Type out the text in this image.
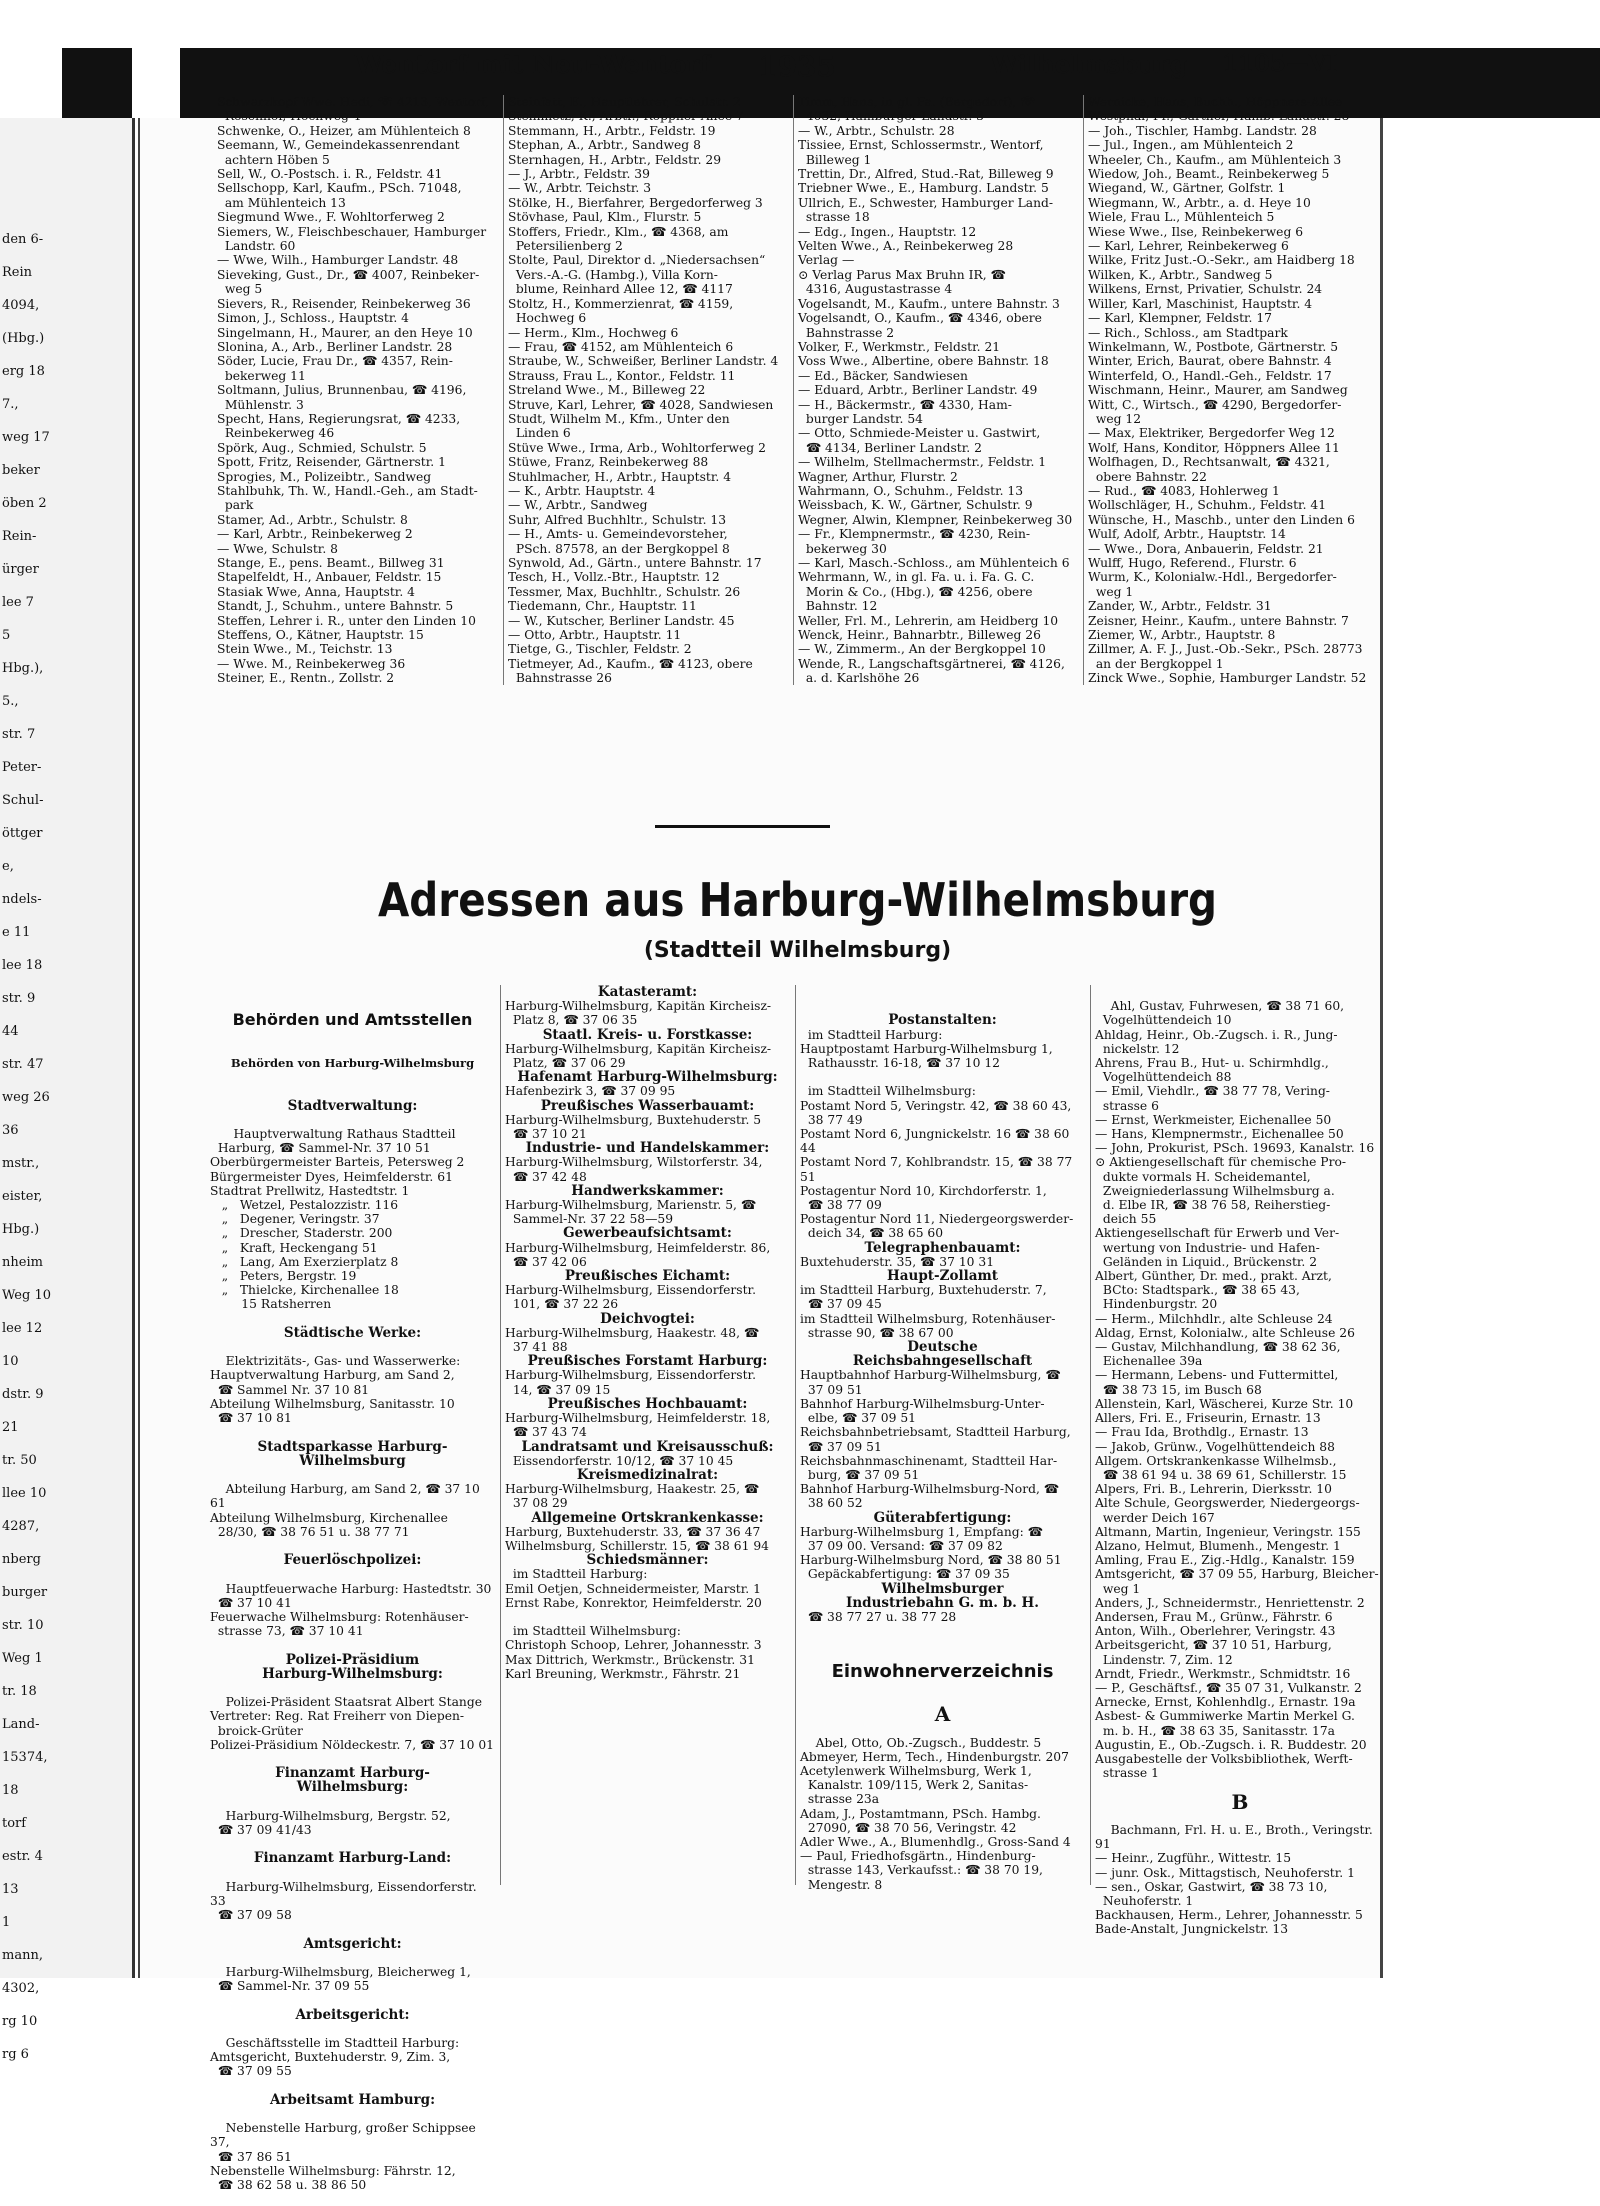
den 6-
Rein
4094,
(Hbg.)
erg 18
7.,
weg 17
beker
öben 2
Rein-
ürger
lee 7
5
Hbg.),
5.,
str. 7
Peter-
Schul-
öttger
e,
ndels-
e 11
lee 18
str. 9
44
str. 47
weg 26
36
mstr.,
eister,
Hbg.)
nheim
Weg 10
lee 12
10
dstr. 9
21
tr. 50
llee 10
4287,
nberg
burger
str. 10
Weg 1
tr. 18
Land-
15374,
18
torf
estr. 4
13
1
mann,
4302,
rg 10
rg 6
Wentorf mit Neu-Wentorf 1935	Wilhelmsburg 1105—VI
Schwarzkopf Wwe. Hedi, ☎ 4213, Wentorf,
Rosenhof, Hochweg 4
Schwenke, O., Heizer, am Mühlenteich 8
Seemann, W., Gemeindekassenrendant
achtern Höben 5
Sell, W., O.-Postsch. i. R., Feldstr. 41
Sellschopp, Karl, Kaufm., PSch. 71048,
am Mühlenteich 13
Siegmund Wwe., F. Wohltorferweg 2
Siemers, W., Fleischbeschauer, Hamburger
Landstr. 60
— Wwe, Wilh., Hamburger Landstr. 48
Sieveking, Gust., Dr., ☎ 4007, Reinbeker-
weg 5
Sievers, R., Reisender, Reinbekerweg 36
Simon, J., Schloss., Hauptstr. 4
Singelmann, H., Maurer, an den Heye 10
Slonina, A., Arb., Berliner Landstr. 28
Söder, Lucie, Frau Dr., ☎ 4357, Rein-
bekerweg 11
Soltmann, Julius, Brunnenbau, ☎ 4196,
Mühlenstr. 3
Specht, Hans, Regierungsrat, ☎ 4233,
Reinbekerweg 46
Spörk, Aug., Schmied, Schulstr. 5
Spott, Fritz, Reisender, Gärtnerstr. 1
Sprogies, M., Polizeibtr., Sandweg
Stahlbuhk, Th. W., Handl.-Geh., am Stadt-
park
Stamer, Ad., Arbtr., Schulstr. 8
— Karl, Arbtr., Reinbekerweg 2
— Wwe, Schulstr. 8
Stange, E., pens. Beamt., Billweg 31
Stapelfeldt, H., Anbauer, Feldstr. 15
Stasiak Wwe, Anna, Hauptstr. 4
Standt, J., Schuhm., untere Bahnstr. 5
Steffen, Lehrer i. R., unter den Linden 10
Steffens, O., Kätner, Hauptstr. 15
Stein Wwe., M., Teichstr. 13
— Wwe. M., Reinbekerweg 36
Steiner, E., Rentn., Zollstr. 2
Steinfatt, E., Hauptlehrer, Schulstr. 2
Steinmetz, K., Arbtr., Roppner Allee 7
Stemmann, H., Arbtr., Feldstr. 19
Stephan, A., Arbtr., Sandweg 8
Sternhagen, H., Arbtr., Feldstr. 29
— J., Arbtr., Feldstr. 39
— W., Arbtr. Teichstr. 3
Stölke, H., Bierfahrer, Bergedorferweg 3
Stövhase, Paul, Klm., Flurstr. 5
Stoffers, Friedr., Klm., ☎ 4368, am
Petersilienberg 2
Stolte, Paul, Direktor d. „Niedersachsen“
Vers.-A.-G. (Hambg.), Villa Korn-
blume, Reinhard Allee 12, ☎ 4117
Stoltz, H., Kommerzienrat, ☎ 4159,
Hochweg 6
— Herm., Klm., Hochweg 6
— Frau, ☎ 4152, am Mühlenteich 6
Straube, W., Schweißer, Berliner Landstr. 4
Strauss, Frau L., Kontor., Feldstr. 11
Streland Wwe., M., Billeweg 22
Struve, Karl, Lehrer, ☎ 4028, Sandwiesen
Studt, Wilhelm M., Kfm., Unter den
Linden 6
Stüve Wwe., Irma, Arb., Wohltorferweg 2
Stüwe, Franz, Reinbekerweg 88
Stuhlmacher, H., Arbtr., Hauptstr. 4
— K., Arbtr. Hauptstr. 4
— W., Arbtr., Sandweg
Suhr, Alfred Buchhltr., Schulstr. 13
— H., Amts- u. Gemeindevorsteher,
PSch. 87578, an der Bergkoppel 8
Synwold, Ad., Gärtn., untere Bahnstr. 17
Tesch, H., Vollz.-Btr., Hauptstr. 12
Tessmer, Max, Buchhltr., Schulstr. 26
Tiedemann, Chr., Hauptstr. 11
— W., Kutscher, Berliner Landstr. 45
— Otto, Arbtr., Hauptstr. 11
Tietge, G., Tischler, Feldstr. 2
Tietmeyer, Ad., Kaufm., ☎ 4123, obere
Bahnstrasse 26
Timm, Hans, in gl. Fa. (Bergedorf), ☎
4032, Hamburger Landstr. 3
— W., Arbtr., Schulstr. 28
Tissiee, Ernst, Schlossermstr., Wentorf,
Billeweg 1
Trettin, Dr., Alfred, Stud.-Rat, Billeweg 9
Triebner Wwe., E., Hamburg. Landstr. 5
Ullrich, E., Schwester, Hamburger Land-
strasse 18
— Edg., Ingen., Hauptstr. 12
Velten Wwe., A., Reinbekerweg 28
Verlag —
⊙ Verlag Parus Max Bruhn IR, ☎
4316, Augustastrasse 4
Vogelsandt, M., Kaufm., untere Bahnstr. 3
Vogelsandt, O., Kaufm., ☎ 4346, obere
Bahnstrasse 2
Volker, F., Werkmstr., Feldstr. 21
Voss Wwe., Albertine, obere Bahnstr. 18
— Ed., Bäcker, Sandwiesen
— Eduard, Arbtr., Berliner Landstr. 49
— H., Bäckermstr., ☎ 4330, Ham-
burger Landstr. 54
— Otto, Schmiede-Meister u. Gastwirt,
☎ 4134, Berliner Landstr. 2
— Wilhelm, Stellmachermstr., Feldstr. 1
Wagner, Arthur, Flurstr. 2
Wahrmann, O., Schuhm., Feldstr. 13
Weissbach, K. W., Gärtner, Schulstr. 9
Wegner, Alwin, Klempner, Reinbekerweg 30
— Fr., Klempnermstr., ☎ 4230, Rein-
bekerweg 30
— Karl, Masch.-Schloss., am Mühlenteich 6
Wehrmann, W., in gl. Fa. u. i. Fa. G. C.
Morin & Co., (Hbg.), ☎ 4256, obere
Bahnstr. 12
Weller, Frl. M., Lehrerin, am Heidberg 10
Wenck, Heinr., Bahnarbtr., Billeweg 26
— W., Zimmerm., An der Bergkoppel 10
Wende, R., Langschaftsgärtnerei, ☎ 4126,
a. d. Karlshöhe 26
Wernicke, Hans, Buchh., Höppners-Allee
Westphal, Fr., Gärtner, Hamb. Landstr. 28
— Joh., Tischler, Hambg. Landstr. 28
— Jul., Ingen., am Mühlenteich 2
Wheeler, Ch., Kaufm., am Mühlenteich 3
Wiedow, Joh., Beamt., Reinbekerweg 5
Wiegand, W., Gärtner, Golfstr. 1
Wiegmann, W., Arbtr., a. d. Heye 10
Wiele, Frau L., Mühlenteich 5
Wiese Wwe., Ilse, Reinbekerweg 6
— Karl, Lehrer, Reinbekerweg 6
Wilke, Fritz Just.-O.-Sekr., am Haidberg 18
Wilken, K., Arbtr., Sandweg 5
Wilkens, Ernst, Privatier, Schulstr. 24
Willer, Karl, Maschinist, Hauptstr. 4
— Karl, Klempner, Feldstr. 17
— Rich., Schloss., am Stadtpark
Winkelmann, W., Postbote, Gärtnerstr. 5
Winter, Erich, Baurat, obere Bahnstr. 4
Winterfeld, O., Handl.-Geh., Feldstr. 17
Wischmann, Heinr., Maurer, am Sandweg
Witt, C., Wirtsch., ☎ 4290, Bergedorfer-
weg 12
— Max, Elektriker, Bergedorfer Weg 12
Wolf, Hans, Konditor, Höppners Allee 11
Wolfhagen, D., Rechtsanwalt, ☎ 4321,
obere Bahnstr. 22
— Rud., ☎ 4083, Hohlerweg 1
Wollschläger, H., Schuhm., Feldstr. 41
Wünsche, H., Maschb., unter den Linden 6
Wulf, Adolf, Arbtr., Hauptstr. 14
— Wwe., Dora, Anbauerin, Feldstr. 21
Wulff, Hugo, Referend., Flurstr. 6
Wurm, K., Kolonialw.-Hdl., Bergedorfer-
weg 1
Zander, W., Arbtr., Feldstr. 31
Zeisner, Heinr., Kaufm., untere Bahnstr. 7
Ziemer, W., Arbtr., Hauptstr. 8
Zillmer, A. F. J., Just.-Ob.-Sekr., PSch. 28773
an der Bergkoppel 1
Zinck Wwe., Sophie, Hamburger Landstr. 52
Adressen aus Harburg-Wilhelmsburg
(Stadtteil Wilhelmsburg)

Behörden und Amtsstellen

Behörden von Harburg-Wilhelmsburg

Stadtverwaltung:

Hauptverwaltung Rathaus Stadtteil
Harburg, ☎ Sammel-Nr. 37 10 51
Oberbürgermeister Barteis, Petersweg 2
Bürgermeister Dyes, Heimfelderstr. 61
Stadtrat Prellwitz, Hastedtstr. 1
„   Wetzel, Pestalozzistr. 116
„   Degener, Veringstr. 37
„   Drescher, Staderstr. 200
„   Kraft, Heckengang 51
„   Lang, Am Exerzierplatz 8
„   Peters, Bergstr. 19
„   Thielcke, Kirchenallee 18
15 Ratsherren

Städtische Werke:

Elektrizitäts-, Gas- und Wasserwerke:
Hauptverwaltung Harburg, am Sand 2,
☎ Sammel Nr. 37 10 81
Abteilung Wilhelmsburg, Sanitasstr. 10
☎ 37 10 81

Stadtsparkasse Harburg-
Wilhelmsburg

Abteilung Harburg, am Sand 2, ☎ 37 10 61
Abteilung Wilhelmsburg, Kirchenallee
28/30, ☎ 38 76 51 u. 38 77 71

Feuerlöschpolizei:

Hauptfeuerwache Harburg: Hastedtstr. 30
☎ 37 10 41
Feuerwache Wilhelmsburg: Rotenhäuser-
strasse 73, ☎ 37 10 41

Polizei-Präsidium
Harburg-Wilhelmsburg:

Polizei-Präsident Staatsrat Albert Stange
Vertreter: Reg. Rat Freiherr von Diepen-
broick-Grüter
Polizei-Präsidium Nöldeckestr. 7, ☎ 37 10 01

Finanzamt Harburg-
Wilhelmsburg:

Harburg-Wilhelmsburg, Bergstr. 52,
☎ 37 09 41/43

Finanzamt Harburg-Land:

Harburg-Wilhelmsburg, Eissendorferstr. 33
☎ 37 09 58

Amtsgericht:

Harburg-Wilhelmsburg, Bleicherweg 1,
☎ Sammel-Nr. 37 09 55

Arbeitsgericht:

Geschäftsstelle im Stadtteil Harburg:
Amtsgericht, Buxtehuderstr. 9, Zim. 3,
☎ 37 09 55

Arbeitsamt Hamburg:

Nebenstelle Harburg, großer Schippsee 37,
☎ 37 86 51
Nebenstelle Wilhelmsburg: Fährstr. 12,
☎ 38 62 58 u. 38 86 50

Katasteramt:
Harburg-Wilhelmsburg, Kapitän Kircheisz-
Platz 8, ☎ 37 06 35
Staatl. Kreis- u. Forstkasse:
Harburg-Wilhelmsburg, Kapitän Kircheisz-
Platz, ☎ 37 06 29
Hafenamt Harburg-Wilhelmsburg:
Hafenbezirk 3, ☎ 37 09 95
Preußisches Wasserbauamt:
Harburg-Wilhelmsburg, Buxtehuderstr. 5
☎ 37 10 21
Industrie- und Handelskammer:
Harburg-Wilhelmsburg, Wilstorferstr. 34,
☎ 37 42 48
Handwerkskammer:
Harburg-Wilhelmsburg, Marienstr. 5, ☎
Sammel-Nr. 37 22 58—59
Gewerbeaufsichtsamt:
Harburg-Wilhelmsburg, Heimfelderstr. 86,
☎ 37 42 06
Preußisches Eichamt:
Harburg-Wilhelmsburg, Eissendorferstr.
101, ☎ 37 22 26
Deichvogtei:
Harburg-Wilhelmsburg, Haakestr. 48, ☎
37 41 88
Preußisches Forstamt Harburg:
Harburg-Wilhelmsburg, Eissendorferstr.
14, ☎ 37 09 15
Preußisches Hochbauamt:
Harburg-Wilhelmsburg, Heimfelderstr. 18,
☎ 37 43 74
Landratsamt und Kreisausschuß:
Eissendorferstr. 10/12, ☎ 37 10 45
Kreismedizinalrat:
Harburg-Wilhelmsburg, Haakestr. 25, ☎
37 08 29
Allgemeine Ortskrankenkasse:
Harburg, Buxtehuderstr. 33, ☎ 37 36 47
Wilhelmsburg, Schillerstr. 15, ☎ 38 61 94
Schiedsmänner:
im Stadtteil Harburg:
Emil Oetjen, Schneidermeister, Marstr. 1
Ernst Rabe, Konrektor, Heimfelderstr. 20

im Stadtteil Wilhelmsburg:
Christoph Schoop, Lehrer, Johannesstr. 3
Max Dittrich, Werkmstr., Brückenstr. 31
Karl Breuning, Werkmstr., Fährstr. 21

Postanstalten:
im Stadtteil Harburg:
Hauptpostamt Harburg-Wilhelmsburg 1,
Rathausstr. 16-18, ☎ 37 10 12

im Stadtteil Wilhelmsburg:
Postamt Nord 5, Veringstr. 42, ☎ 38 60 43,
38 77 49
Postamt Nord 6, Jungnickelstr. 16 ☎ 38 60 44
Postamt Nord 7, Kohlbrandstr. 15, ☎ 38 77 51
Postagentur Nord 10, Kirchdorferstr. 1,
☎ 38 77 09
Postagentur Nord 11, Niedergeorgswerder-
deich 34, ☎ 38 65 60
Telegraphenbauamt:
Buxtehuderstr. 35, ☎ 37 10 31
Haupt-Zollamt
im Stadtteil Harburg, Buxtehuderstr. 7,
☎ 37 09 45
im Stadtteil Wilhelmsburg, Rotenhäuser-
strasse 90, ☎ 38 67 00
Deutsche
Reichsbahngesellschaft
Hauptbahnhof Harburg-Wilhelmsburg, ☎
37 09 51
Bahnhof Harburg-Wilhelmsburg-Unter-
elbe, ☎ 37 09 51
Reichsbahnbetriebsamt, Stadtteil Harburg,
☎ 37 09 51
Reichsbahnmaschinenamt, Stadtteil Har-
burg, ☎ 37 09 51
Bahnhof Harburg-Wilhelmsburg-Nord, ☎
38 60 52
Güterabfertigung:
Harburg-Wilhelmsburg 1, Empfang: ☎
37 09 00. Versand: ☎ 37 09 82
Harburg-Wilhelmsburg Nord, ☎ 38 80 51
Gepäckabfertigung: ☎ 37 09 35
Wilhelmsburger
Industriebahn G. m. b. H.
☎ 38 77 27 u. 38 77 28

Einwohnerverzeichnis

A

Abel, Otto, Ob.-Zugsch., Buddestr. 5
Abmeyer, Herm, Tech., Hindenburgstr. 207
Acetylenwerk Wilhelmsburg, Werk 1,
Kanalstr. 109/115, Werk 2, Sanitas-
strasse 23a
Adam, J., Postamtmann, PSch. Hambg.
27090, ☎ 38 70 56, Veringstr. 42
Adler Wwe., A., Blumenhdlg., Gross-Sand 4
— Paul, Friedhofsgärtn., Hindenburg-
strasse 143, Verkaufsst.: ☎ 38 70 19,
Mengestr. 8

Ahl, Gustav, Fuhrwesen, ☎ 38 71 60,
Vogelhüttendeich 10
Ahldag, Heinr., Ob.-Zugsch. i. R., Jung-
nickelstr. 12
Ahrens, Frau B., Hut- u. Schirmhdlg.,
Vogelhüttendeich 88
— Emil, Viehdlr., ☎ 38 77 78, Vering-
strasse 6
— Ernst, Werkmeister, Eichenallee 50
— Hans, Klempnermstr., Eichenallee 50
— John, Prokurist, PSch. 19693, Kanalstr. 16
⊙ Aktiengesellschaft für chemische Pro-
dukte vormals H. Scheidemantel,
Zweigniederlassung Wilhelmsburg a.
d. Elbe IR, ☎ 38 76 58, Reiherstieg-
deich 55
Aktiengesellschaft für Erwerb und Ver-
wertung von Industrie- und Hafen-
Geländen in Liquid., Brückenstr. 2
Albert, Günther, Dr. med., prakt. Arzt,
BCto: Stadtspark., ☎ 38 65 43,
Hindenburgstr. 20
— Herm., Milchhdlr., alte Schleuse 24
Aldag, Ernst, Kolonialw., alte Schleuse 26
— Gustav, Milchhandlung, ☎ 38 62 36,
Eichenallee 39a
— Hermann, Lebens- und Futtermittel,
☎ 38 73 15, im Busch 68
Allenstein, Karl, Wäscherei, Kurze Str. 10
Allers, Fri. E., Friseurin, Ernastr. 13
— Frau Ida, Brothdlg., Ernastr. 13
— Jakob, Grünw., Vogelhüttendeich 88
Allgem. Ortskrankenkasse Wilhelmsb.,
☎ 38 61 94 u. 38 69 61, Schillerstr. 15
Alpers, Fri. B., Lehrerin, Dierksstr. 10
Alte Schule, Georgswerder, Niedergeorgs-
werder Deich 167
Altmann, Martin, Ingenieur, Veringstr. 155
Alzano, Helmut, Blumenh., Mengestr. 1
Amling, Frau E., Zig.-Hdlg., Kanalstr. 159
Amtsgericht, ☎ 37 09 55, Harburg, Bleicher-
weg 1
Anders, J., Schneidermstr., Henriettenstr. 2
Andersen, Frau M., Grünw., Fährstr. 6
Anton, Wilh., Oberlehrer, Veringstr. 43
Arbeitsgericht, ☎ 37 10 51, Harburg,
Lindenstr. 7, Zim. 12
Arndt, Friedr., Werkmstr., Schmidtstr. 16
— P., Geschäftsf., ☎ 35 07 31, Vulkanstr. 2
Arnecke, Ernst, Kohlenhdlg., Ernastr. 19a
Asbest- & Gummiwerke Martin Merkel G.
m. b. H., ☎ 38 63 35, Sanitasstr. 17a
Augustin, E., Ob.-Zugsch. i. R. Buddestr. 20
Ausgabestelle der Volksbibliothek, Werft-
strasse 1

B

Bachmann, Frl. H. u. E., Broth., Veringstr. 91
— Heinr., Zugführ., Wittestr. 15
— junr. Osk., Mittagstisch, Neuhoferstr. 1
— sen., Oskar, Gastwirt, ☎ 38 73 10,
Neuhoferstr. 1
Backhausen, Herm., Lehrer, Johannesstr. 5
Bade-Anstalt, Jungnickelstr. 13
